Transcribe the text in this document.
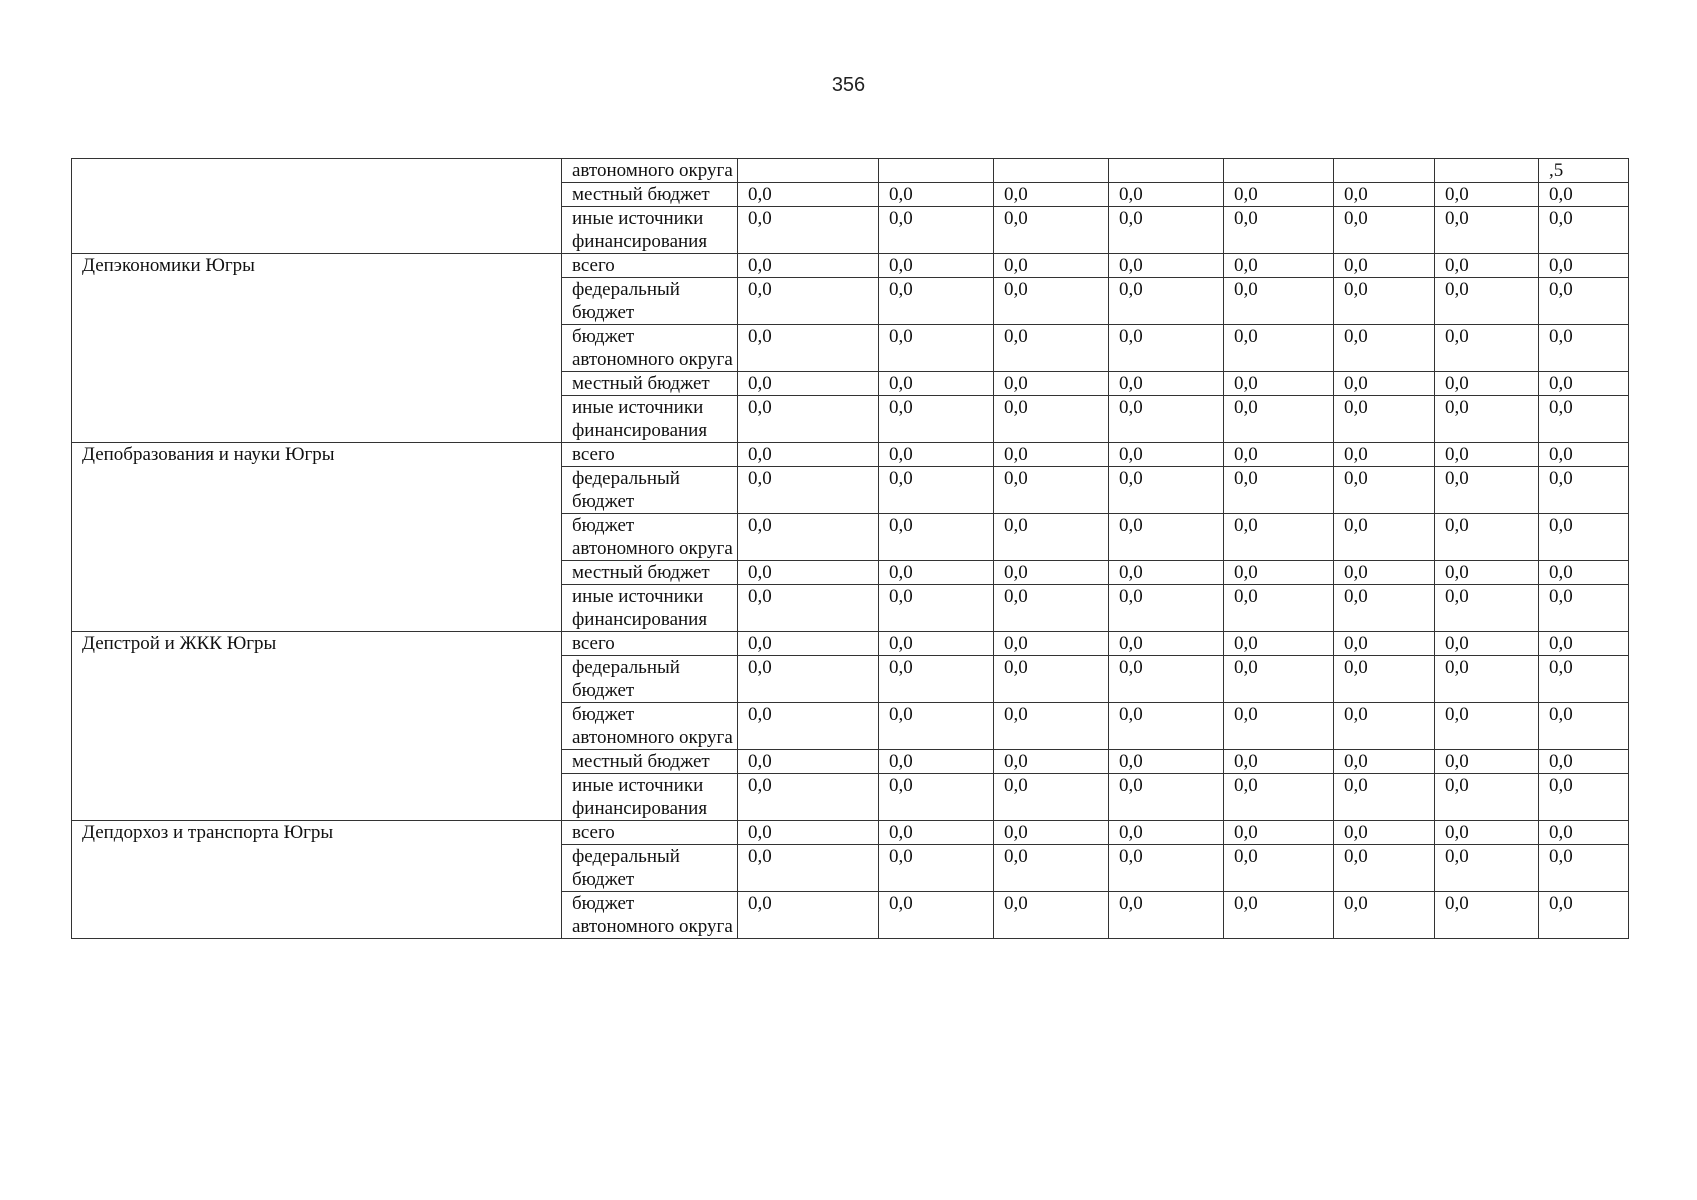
356
	автономного округа								,5
	местный бюджет	0,0	0,0	0,0	0,0	0,0	0,0	0,0	0,0
	иные источники финансирования	0,0	0,0	0,0	0,0	0,0	0,0	0,0	0,0
Депэкономики Югры	всего	0,0	0,0	0,0	0,0	0,0	0,0	0,0	0,0
	федеральный бюджет	0,0	0,0	0,0	0,0	0,0	0,0	0,0	0,0
	бюджет автономного округа	0,0	0,0	0,0	0,0	0,0	0,0	0,0	0,0
	местный бюджет	0,0	0,0	0,0	0,0	0,0	0,0	0,0	0,0
	иные источники финансирования	0,0	0,0	0,0	0,0	0,0	0,0	0,0	0,0
Депобразования и науки Югры	всего	0,0	0,0	0,0	0,0	0,0	0,0	0,0	0,0
	федеральный бюджет	0,0	0,0	0,0	0,0	0,0	0,0	0,0	0,0
	бюджет автономного округа	0,0	0,0	0,0	0,0	0,0	0,0	0,0	0,0
	местный бюджет	0,0	0,0	0,0	0,0	0,0	0,0	0,0	0,0
	иные источники финансирования	0,0	0,0	0,0	0,0	0,0	0,0	0,0	0,0
Депстрой и ЖКК Югры	всего	0,0	0,0	0,0	0,0	0,0	0,0	0,0	0,0
	федеральный бюджет	0,0	0,0	0,0	0,0	0,0	0,0	0,0	0,0
	бюджет автономного округа	0,0	0,0	0,0	0,0	0,0	0,0	0,0	0,0
	местный бюджет	0,0	0,0	0,0	0,0	0,0	0,0	0,0	0,0
	иные источники финансирования	0,0	0,0	0,0	0,0	0,0	0,0	0,0	0,0
Депдорхоз и транспорта Югры	всего	0,0	0,0	0,0	0,0	0,0	0,0	0,0	0,0
	федеральный бюджет	0,0	0,0	0,0	0,0	0,0	0,0	0,0	0,0
	бюджет автономного округа	0,0	0,0	0,0	0,0	0,0	0,0	0,0	0,0
